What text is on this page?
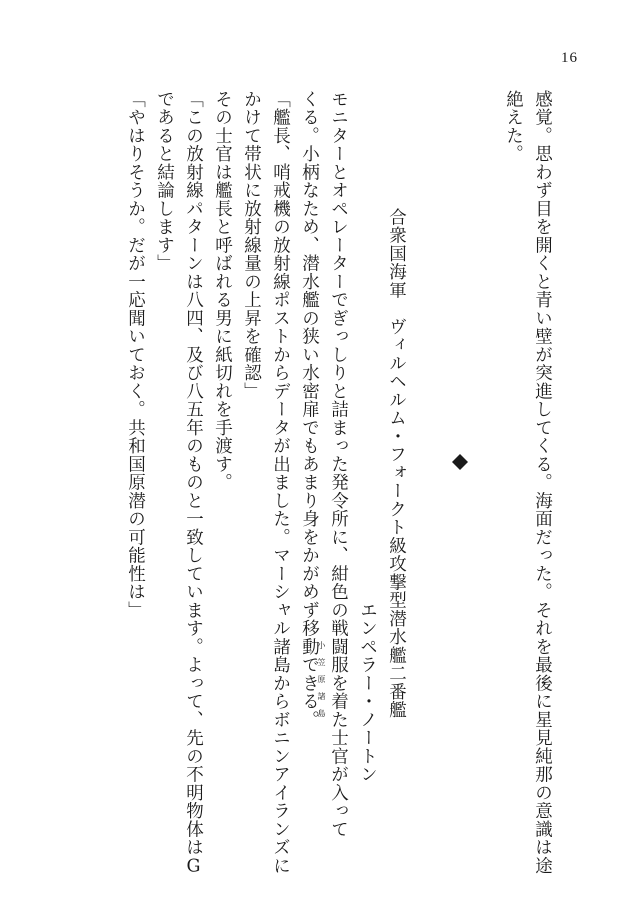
16
感覚。思わず目を開くと青い壁が突進してくる。海面だった。それを最後に星見純那の意識は途
絶えた。
合衆国海軍　ヴィルヘルム・フォークト級攻撃型潜水艦二番艦
エンペラー・ノートン
モニターとオペレーターでぎっしりと詰まった発令所に、紺色の戦闘服を着た士官が入って
くる。小柄なため、潜水艦の狭い水密扉でもあまり身をかがめず移動できる。
小笠原諸島
「艦長、哨戒機の放射線ポストからデータが出ました。マーシャル諸島からボニンアイランズに
かけて帯状に放射線量の上昇を確認」
その士官は艦長と呼ばれる男に紙切れを手渡す。
「この放射線パターンは八四、及び八五年のものと一致しています。よって、先の不明物体はG
であると結論します」
「やはりそうか。だが一応聞いておく。共和国原潜の可能性は」
